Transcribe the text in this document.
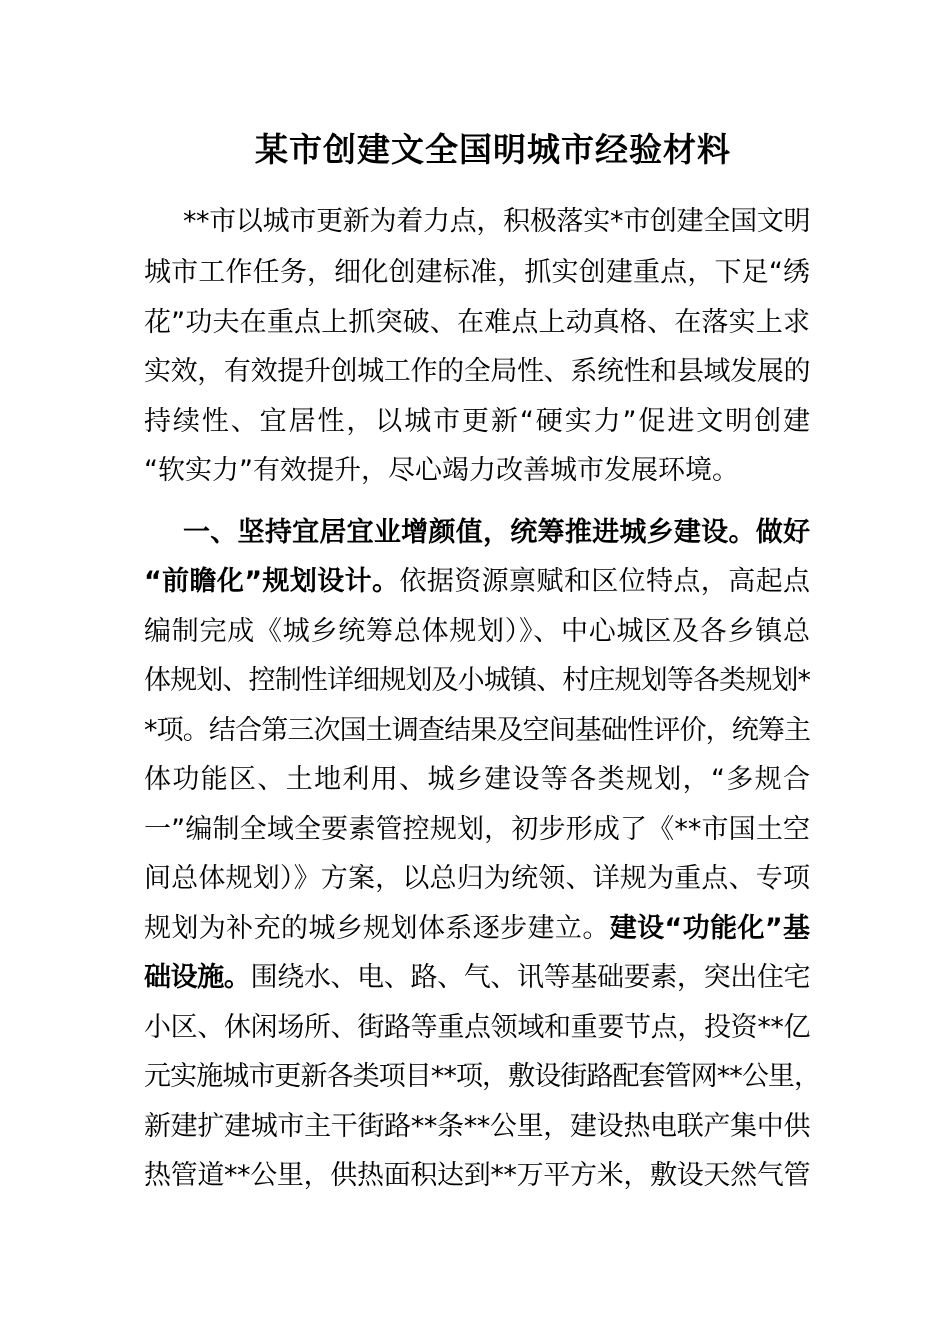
某市创建文全国明城市经验材料
**市以城市更新为着力点，积极落实*市创建全国文明
城市工作任务，细化创建标准，抓实创建重点，下足“绣
花”功夫在重点上抓突破、在难点上动真格、在落实上求
实效，有效提升创城工作的全局性、系统性和县域发展的
持续性、宜居性，以城市更新“硬实力”促进文明创建
“软实力”有效提升，尽心竭力改善城市发展环境。
一、坚持宜居宜业增颜值，统筹推进城乡建设。做好
“前瞻化”规划设计。依据资源禀赋和区位特点，高起点
编制完成《城乡统筹总体规划）》、中心城区及各乡镇总
体规划、控制性详细规划及小城镇、村庄规划等各类规划*
*项。结合第三次国土调查结果及空间基础性评价，统筹主
体功能区、土地利用、城乡建设等各类规划，“多规合
一”编制全域全要素管控规划，初步形成了《**市国土空
间总体规划）》方案，以总归为统领、详规为重点、专项
规划为补充的城乡规划体系逐步建立。建设“功能化”基
础设施。围绕水、电、路、气、讯等基础要素，突出住宅
小区、休闲场所、街路等重点领域和重要节点，投资**亿
元实施城市更新各类项目**项，敷设街路配套管网**公里，
新建扩建城市主干街路**条**公里，建设热电联产集中供
热管道**公里，供热面积达到**万平方米，敷设天然气管
